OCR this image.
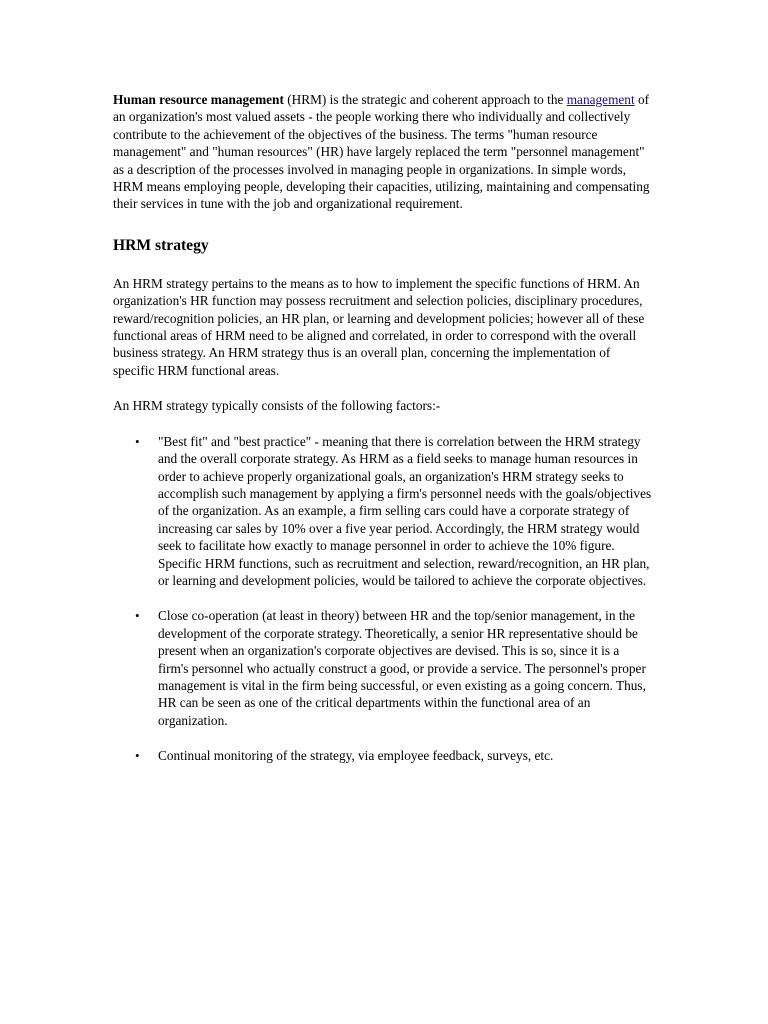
Human resource management (HRM) is the strategic and coherent approach to the management of an organization's most valued assets - the people working there who individually and collectively contribute to the achievement of the objectives of the business. The terms "human resource management" and "human resources" (HR) have largely replaced the term "personnel management" as a description of the processes involved in managing people in organizations. In simple words, HRM means employing people, developing their capacities, utilizing, maintaining and compensating their services in tune with the job and organizational requirement.

HRM strategy

An HRM strategy pertains to the means as to how to implement the specific functions of HRM. An organization's HR function may possess recruitment and selection policies, disciplinary procedures, reward/recognition policies, an HR plan, or learning and development policies; however all of these functional areas of HRM need to be aligned and correlated, in order to correspond with the overall business strategy. An HRM strategy thus is an overall plan, concerning the implementation of specific HRM functional areas.

An HRM strategy typically consists of the following factors:-

• "Best fit" and "best practice" - meaning that there is correlation between the HRM strategy and the overall corporate strategy. As HRM as a field seeks to manage human resources in order to achieve properly organizational goals, an organization's HRM strategy seeks to accomplish such management by applying a firm's personnel needs with the goals/objectives of the organization. As an example, a firm selling cars could have a corporate strategy of increasing car sales by 10% over a five year period. Accordingly, the HRM strategy would seek to facilitate how exactly to manage personnel in order to achieve the 10% figure. Specific HRM functions, such as recruitment and selection, reward/recognition, an HR plan, or learning and development policies, would be tailored to achieve the corporate objectives.
• Close co-operation (at least in theory) between HR and the top/senior management, in the development of the corporate strategy. Theoretically, a senior HR representative should be present when an organization's corporate objectives are devised. This is so, since it is a firm's personnel who actually construct a good, or provide a service. The personnel's proper management is vital in the firm being successful, or even existing as a going concern. Thus, HR can be seen as one of the critical departments within the functional area of an organization.
• Continual monitoring of the strategy, via employee feedback, surveys, etc.
